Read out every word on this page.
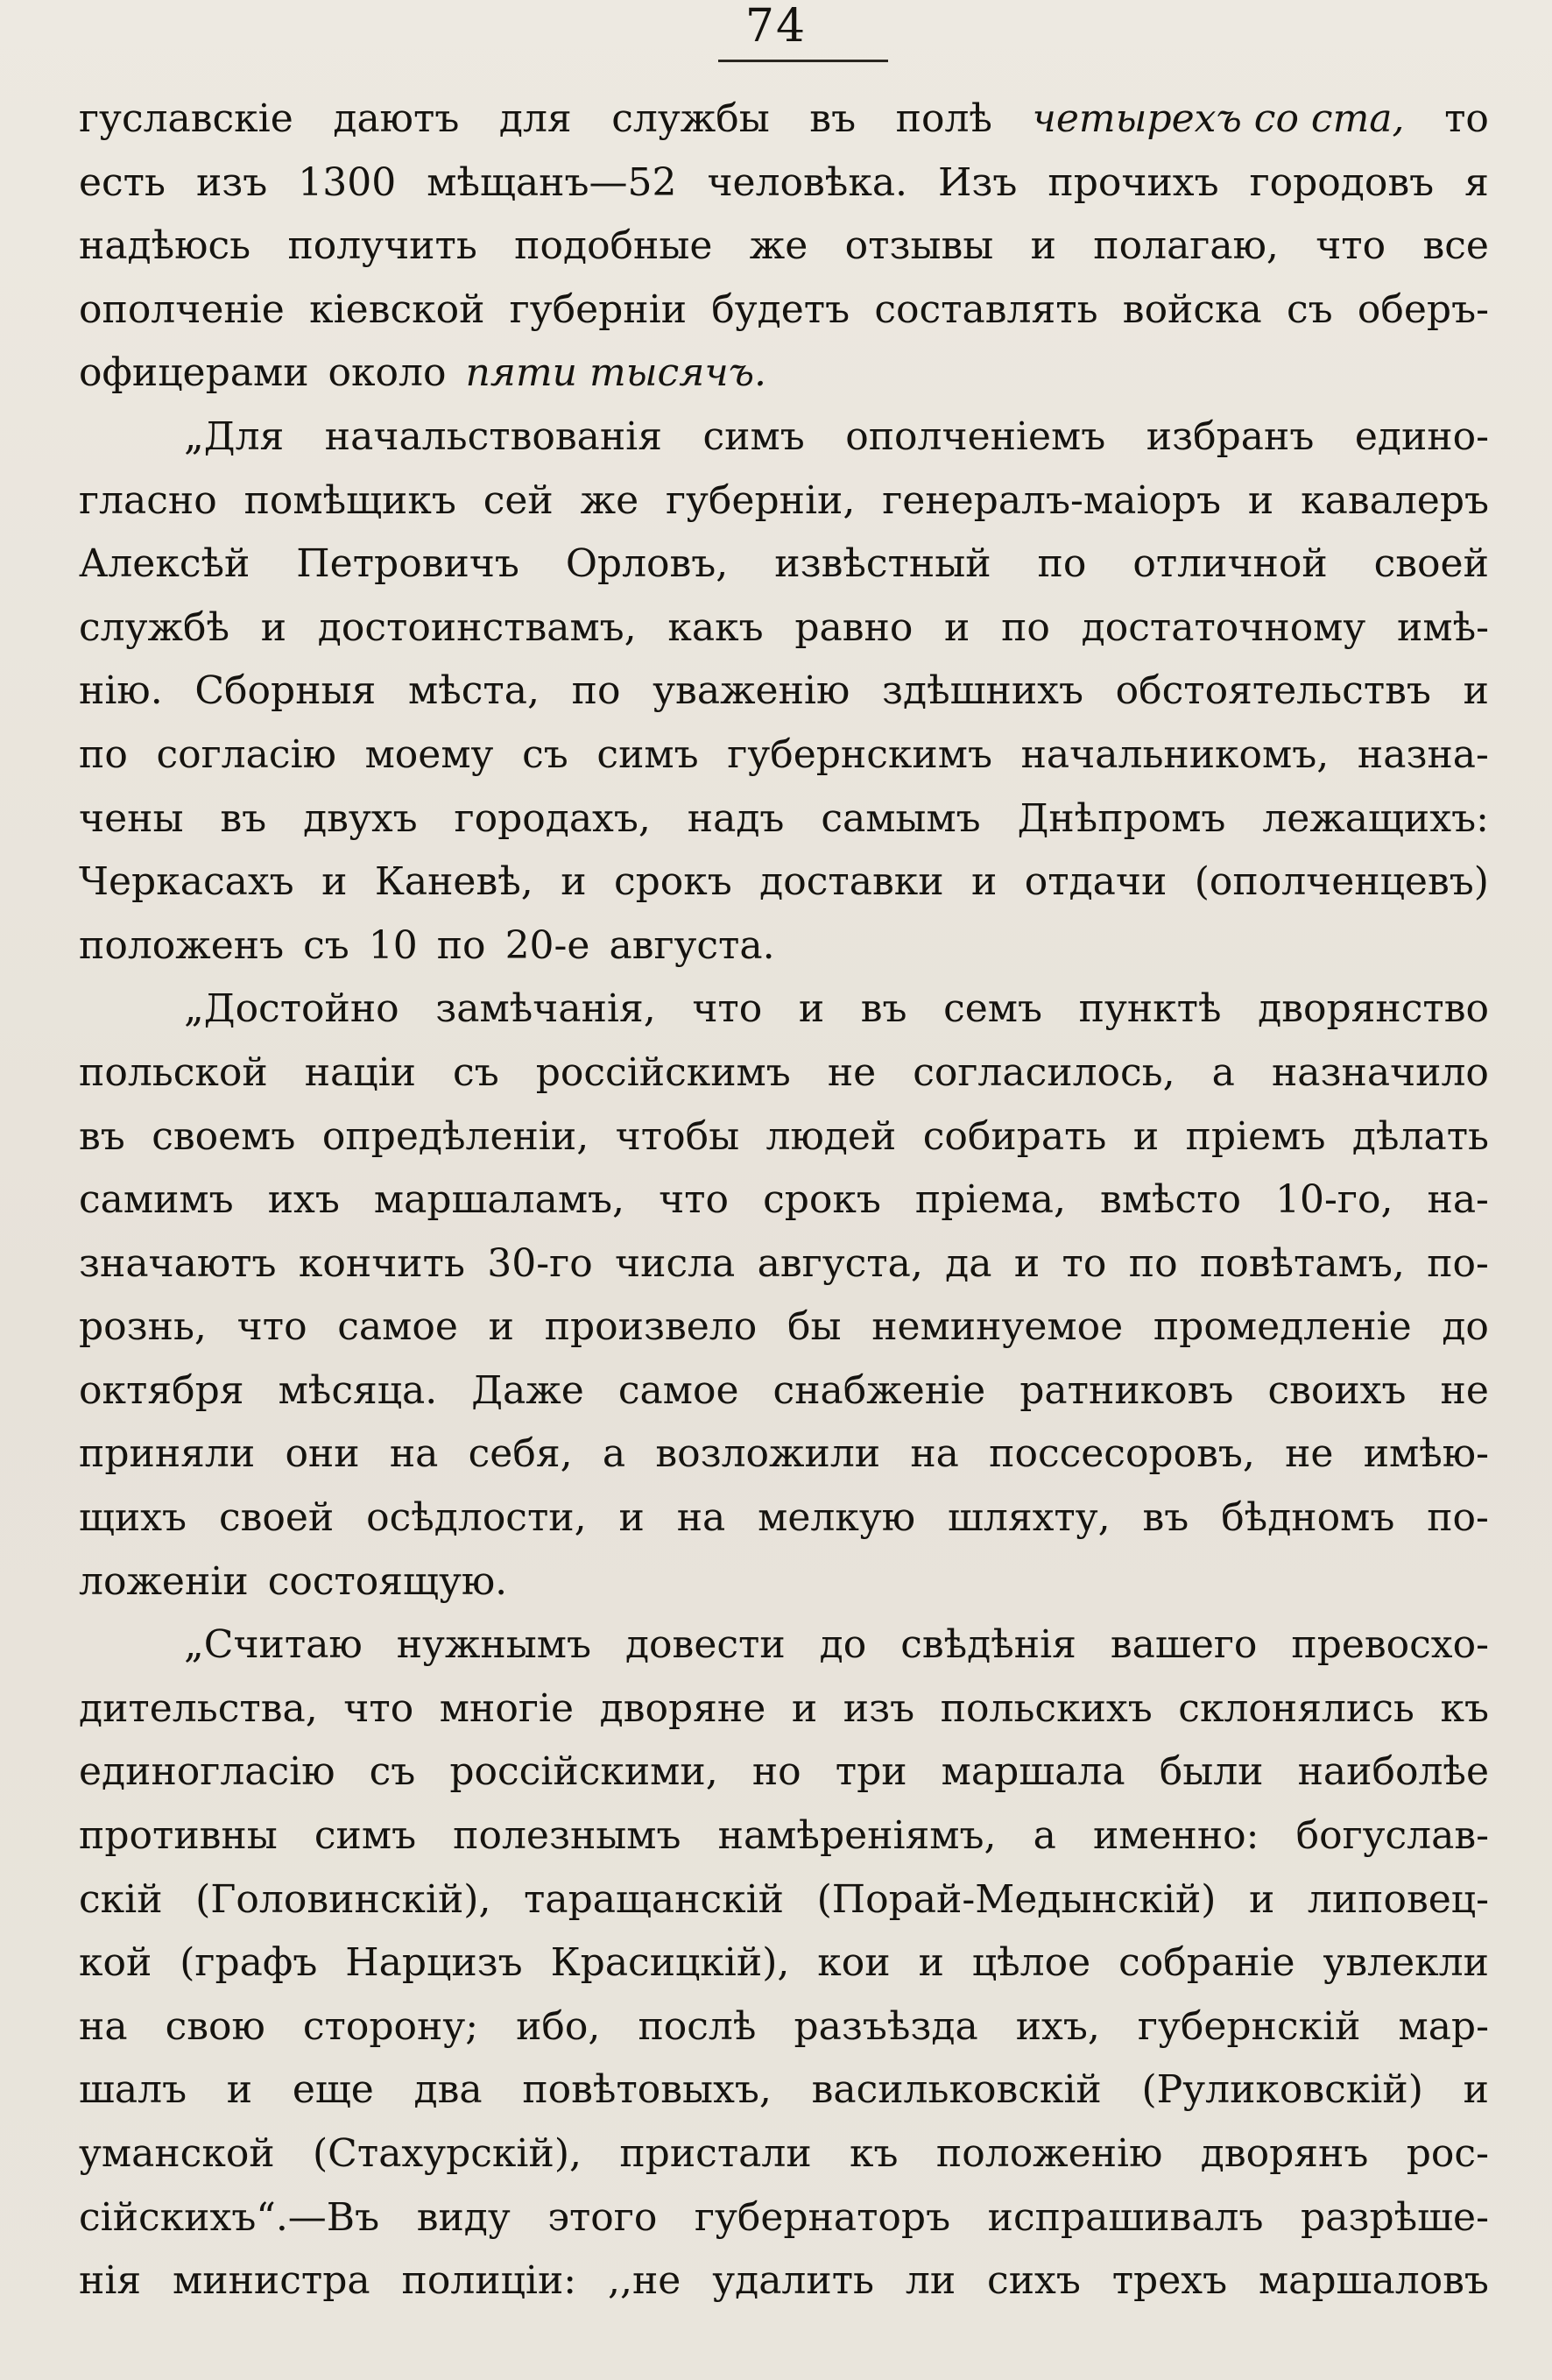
74
гуславскіе даютъ для службы въ полѣ четырехъ со ста, то
есть изъ 1300 мѣщанъ—52 человѣка. Изъ прочихъ городовъ я
надѣюсь получить подобные же отзывы и полагаю, что все
ополченіе кіевской губерніи будетъ составлять войска съ оберъ-
офицерами около пяти тысячъ.
„Для начальствованія симъ ополченіемъ избранъ едино-
гласно помѣщикъ сей же губерніи, генералъ-маіоръ и кавалеръ
Алексѣй Петровичъ Орловъ, извѣстный по отличной своей
службѣ и достоинствамъ, какъ равно и по достаточному имѣ-
нію. Сборныя мѣста, по уваженію здѣшнихъ обстоятельствъ и
по согласію моему съ симъ губернскимъ начальникомъ, назна-
чены въ двухъ городахъ, надъ самымъ Днѣпромъ лежащихъ:
Черкасахъ и Каневѣ, и срокъ доставки и отдачи (ополченцевъ)
положенъ съ 10 по 20-е августа.
„Достойно замѣчанія, что и въ семъ пунктѣ дворянство
польской націи съ россійскимъ не согласилось, а назначило
въ своемъ опредѣленіи, чтобы людей собирать и пріемъ дѣлать
самимъ ихъ маршаламъ, что срокъ пріема, вмѣсто 10-го, на-
значаютъ кончить 30-го числа августа, да и то по повѣтамъ, по-
рознь, что самое и произвело бы неминуемое промедленіе до
октября мѣсяца. Даже самое снабженіе ратниковъ своихъ не
приняли они на себя, а возложили на поссесоровъ, не имѣю-
щихъ своей осѣдлости, и на мелкую шляхту, въ бѣдномъ по-
ложеніи состоящую.
„Считаю нужнымъ довести до свѣдѣнія вашего превосхо-
дительства, что многіе дворяне и изъ польскихъ склонялись къ
единогласію съ россійскими, но три маршала были наиболѣе
противны симъ полезнымъ намѣреніямъ, а именно: богуслав-
скій (Головинскій), таращанскій (Порай-Медынскій) и липовец-
кой (графъ Нарцизъ Красицкій), кои и цѣлое собраніе увлекли
на свою сторону; ибо, послѣ разъѣзда ихъ, губернскій мар-
шалъ и еще два повѣтовыхъ, васильковскій (Руликовскій) и
уманской (Стахурскій), пристали къ положенію дворянъ рос-
сійскихъ“.—Въ виду этого губернаторъ испрашивалъ разрѣше-
нія министра полиціи: ,,не удалить ли сихъ трехъ маршаловъ
